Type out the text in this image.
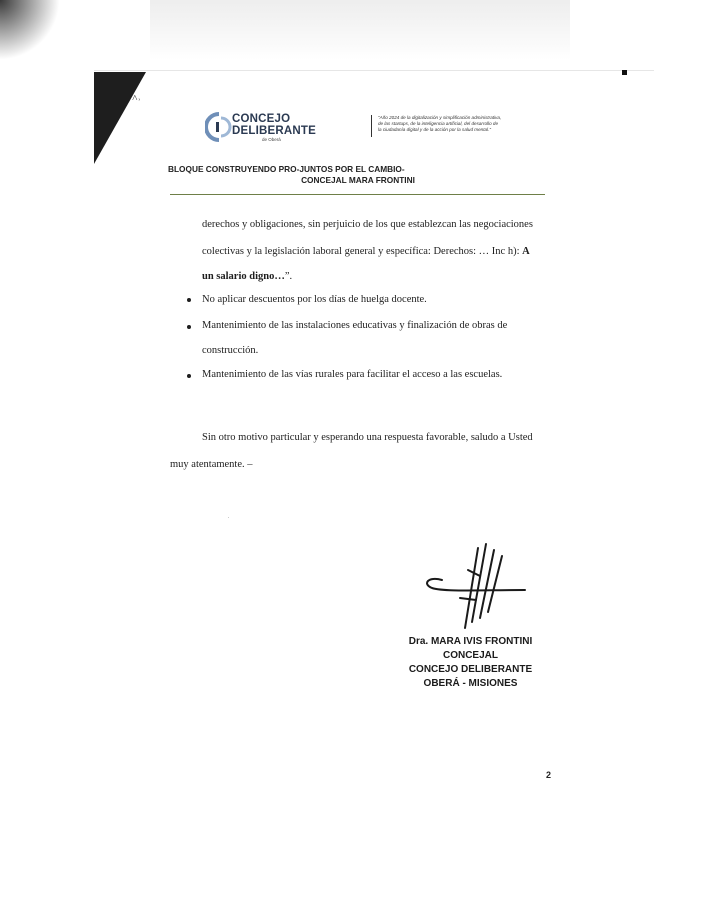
˄˒
CONCEJO
DELIBERANTE
de Oberá
"Año 2024 de la digitalización y simplificación administrativa,
de las startups, de la inteligencia artificial, del desarrollo de
la ciudadanía digital y de la acción por la salud mental."
BLOQUE CONSTRUYENDO PRO-JUNTOS POR EL CAMBIO-
CONCEJAL MARA FRONTINI
derechos y obligaciones, sin perjuicio de los que establezcan las negociaciones
colectivas y la legislación laboral general y específica: Derechos: … Inc h): A
un salario digno…”.
No aplicar descuentos por los días de huelga docente.
Mantenimiento de las instalaciones educativas y finalización de obras de
construcción.
Mantenimiento de las vías rurales para facilitar el acceso a las escuelas.
Sin otro motivo particular y esperando una respuesta favorable, saludo a Usted
muy atentamente. –
Dra. MARA IVIS FRONTINI
CONCEJAL
CONCEJO DELIBERANTE
OBERÁ - MISIONES
2
